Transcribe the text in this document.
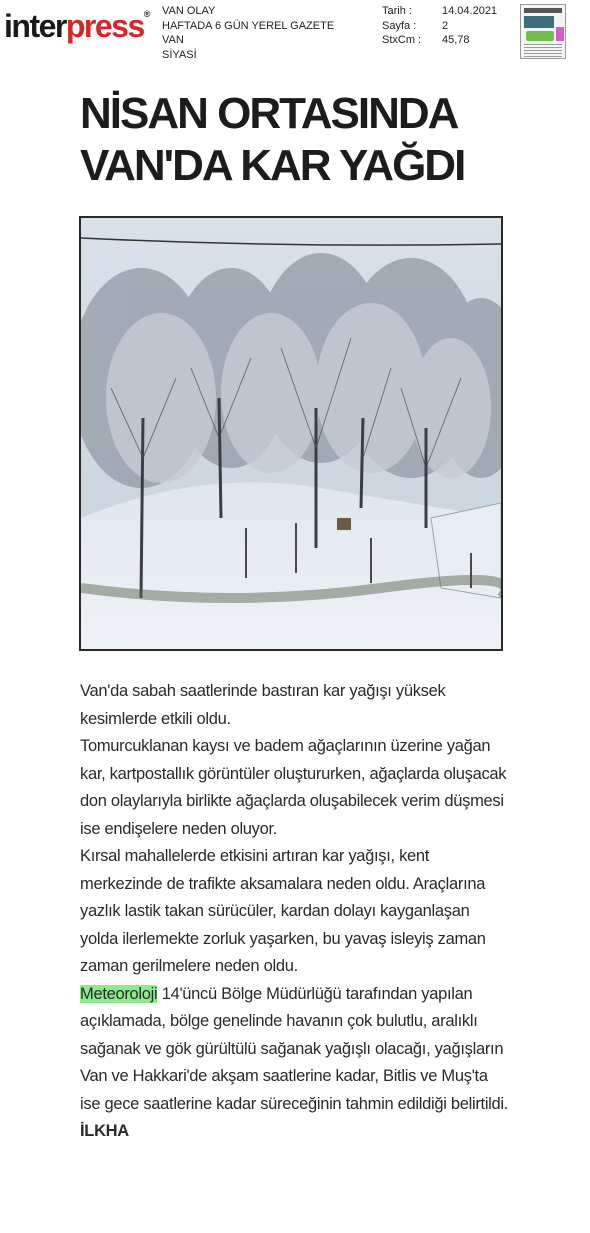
interpress® VAN OLAY
HAFTADA 6 GÜN YEREL GAZETE
VAN
SİYASİ
Tarih :	14.04.2021
Sayfa :	2
StxCm :	45,78
NİSAN ORTASINDA
VAN'DA KAR YAĞDI

Van'da sabah saatlerinde bastıran kar yağışı yüksek kesimlerde etkili oldu.

Tomurcuklanan kaysı ve badem ağaçlarının üzerine yağan kar, kartpostallık görüntüler oluştururken, ağaçlarda oluşacak don olaylarıyla birlikte ağaçlarda oluşabilecek verim düşmesi ise endişelere neden oluyor.

Kırsal mahallelerde etkisini artıran kar yağışı, kent merkezinde de trafikte aksamalara neden oldu. Araçlarına yazlık lastik takan sürücüler, kardan dolayı kayganlaşan yolda ilerlemekte zorluk yaşarken, bu yavaş isleyiş zaman zaman gerilmelere neden oldu.

Meteoroloji 14'üncü Bölge Müdürlüğü tarafından yapılan açıklamada, bölge genelinde havanın çok bulutlu, aralıklı sağanak ve gök gürültülü sağanak yağışlı olacağı, yağışların Van ve Hakkari'de akşam saatlerine kadar, Bitlis ve Muş'ta ise gece saatlerine kadar süreceğinin tahmin edildiği belirtildi. İLKHA
